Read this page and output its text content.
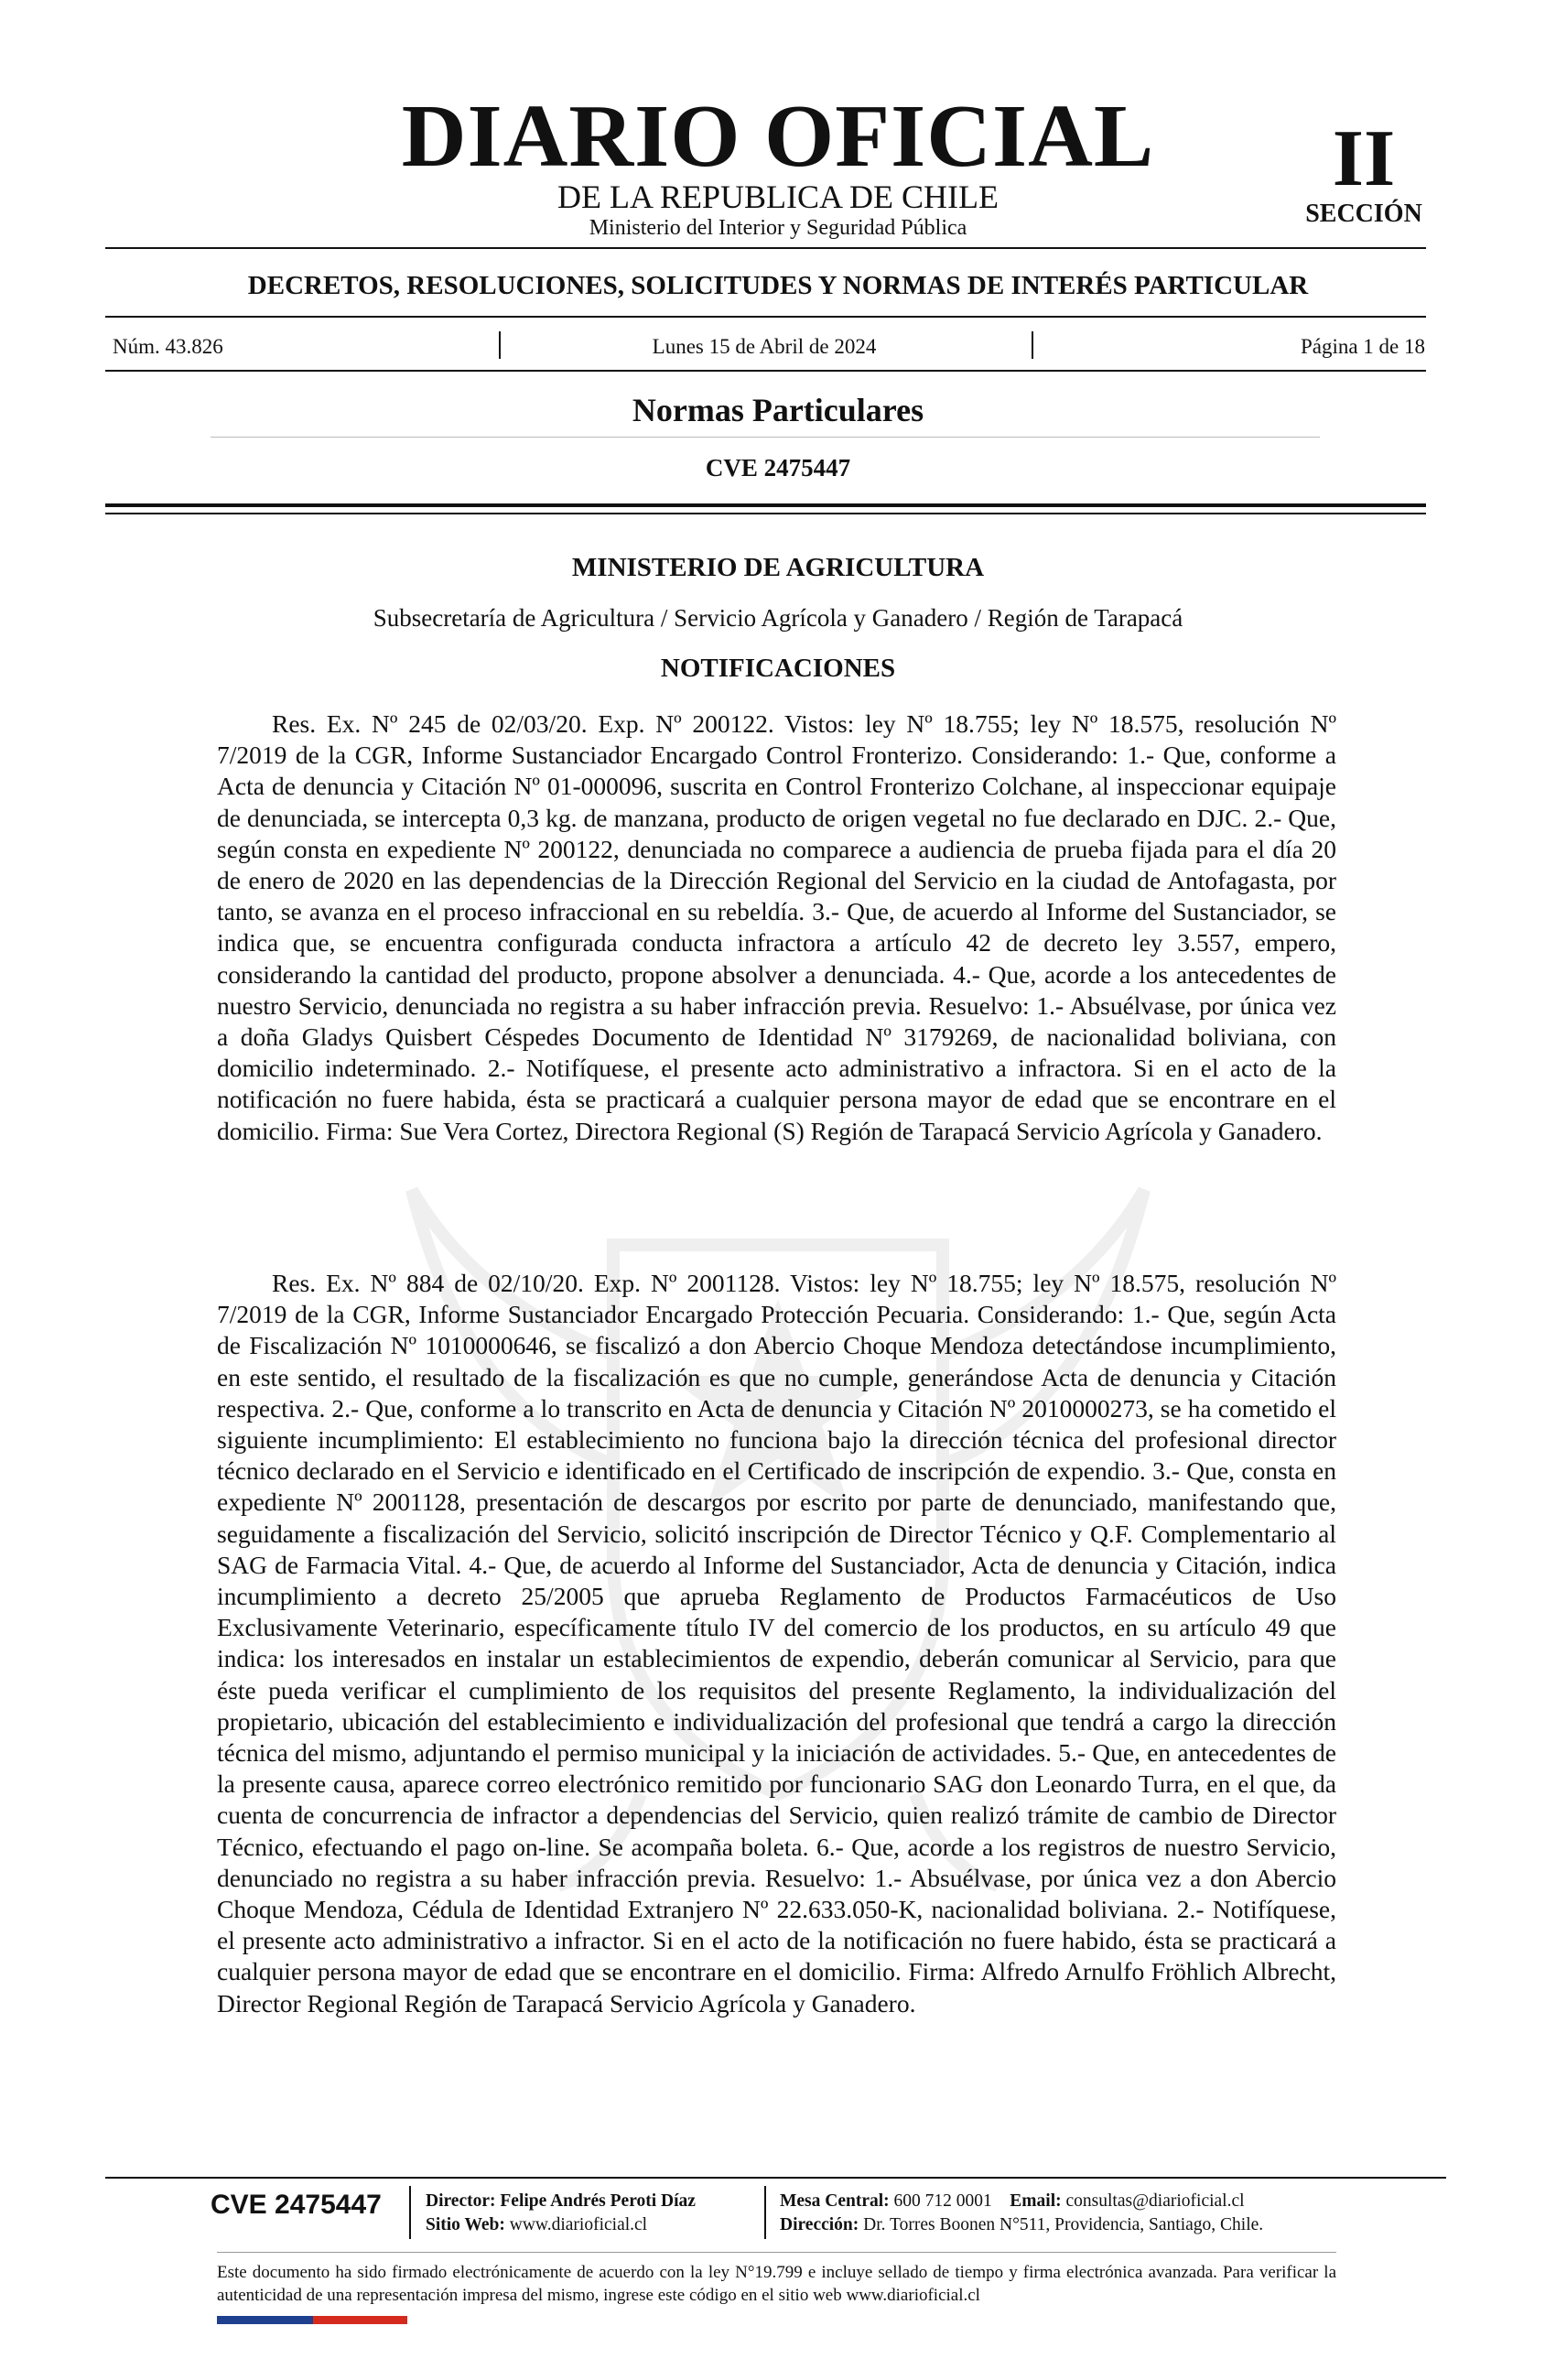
DIARIO OFICIAL
DE LA REPUBLICA DE CHILE
Ministerio del Interior y Seguridad Pública
II
SECCIÓN
DECRETOS, RESOLUCIONES, SOLICITUDES Y NORMAS DE INTERÉS PARTICULAR
Núm. 43.826	Lunes 15 de Abril de 2024	Página 1 de 18
Normas Particulares
CVE 2475447
MINISTERIO DE AGRICULTURA
Subsecretaría de Agricultura / Servicio Agrícola y Ganadero / Región de Tarapacá
NOTIFICACIONES

Res. Ex. Nº 245 de 02/03/20. Exp. Nº 200122. Vistos: ley Nº 18.755; ley Nº 18.575, resolución Nº 7/2019 de la CGR, Informe Sustanciador Encargado Control Fronterizo. Considerando: 1.- Que, conforme a Acta de denuncia y Citación Nº 01-000096, suscrita en Control Fronterizo Colchane, al inspeccionar equipaje de denunciada, se intercepta 0,3 kg. de manzana, producto de origen vegetal no fue declarado en DJC. 2.- Que, según consta en expediente Nº 200122, denunciada no comparece a audiencia de prueba fijada para el día 20 de enero de 2020 en las dependencias de la Dirección Regional del Servicio en la ciudad de Antofagasta, por tanto, se avanza en el proceso infraccional en su rebeldía. 3.- Que, de acuerdo al Informe del Sustanciador, se indica que, se encuentra configurada conducta infractora a artículo 42 de decreto ley 3.557, empero, considerando la cantidad del producto, propone absolver a denunciada. 4.- Que, acorde a los antecedentes de nuestro Servicio, denunciada no registra a su haber infracción previa. Resuelvo: 1.- Absuélvase, por única vez a doña Gladys Quisbert Céspedes Documento de Identidad Nº 3179269, de nacionalidad boliviana, con domicilio indeterminado. 2.- Notifíquese, el presente acto administrativo a infractora. Si en el acto de la notificación no fuere habida, ésta se practicará a cualquier persona mayor de edad que se encontrare en el domicilio. Firma: Sue Vera Cortez, Directora Regional (S) Región de Tarapacá Servicio Agrícola y Ganadero.

Res. Ex. Nº 884 de 02/10/20. Exp. Nº 2001128. Vistos: ley Nº 18.755; ley Nº 18.575, resolución Nº 7/2019 de la CGR, Informe Sustanciador Encargado Protección Pecuaria. Considerando: 1.- Que, según Acta de Fiscalización Nº 1010000646, se fiscalizó a don Abercio Choque Mendoza detectándose incumplimiento, en este sentido, el resultado de la fiscalización es que no cumple, generándose Acta de denuncia y Citación respectiva. 2.- Que, conforme a lo transcrito en Acta de denuncia y Citación Nº 2010000273, se ha cometido el siguiente incumplimiento: El establecimiento no funciona bajo la dirección técnica del profesional director técnico declarado en el Servicio e identificado en el Certificado de inscripción de expendio. 3.- Que, consta en expediente Nº 2001128, presentación de descargos por escrito por parte de denunciado, manifestando que, seguidamente a fiscalización del Servicio, solicitó inscripción de Director Técnico y Q.F. Complementario al SAG de Farmacia Vital. 4.- Que, de acuerdo al Informe del Sustanciador, Acta de denuncia y Citación, indica incumplimiento a decreto 25/2005 que aprueba Reglamento de Productos Farmacéuticos de Uso Exclusivamente Veterinario, específicamente título IV del comercio de los productos, en su artículo 49 que indica: los interesados en instalar un establecimientos de expendio, deberán comunicar al Servicio, para que éste pueda verificar el cumplimiento de los requisitos del presente Reglamento, la individualización del propietario, ubicación del establecimiento e individualización del profesional que tendrá a cargo la dirección técnica del mismo, adjuntando el permiso municipal y la iniciación de actividades. 5.- Que, en antecedentes de la presente causa, aparece correo electrónico remitido por funcionario SAG don Leonardo Turra, en el que, da cuenta de concurrencia de infractor a dependencias del Servicio, quien realizó trámite de cambio de Director Técnico, efectuando el pago on-line. Se acompaña boleta. 6.- Que, acorde a los registros de nuestro Servicio, denunciado no registra a su haber infracción previa. Resuelvo: 1.- Absuélvase, por única vez a don Abercio Choque Mendoza, Cédula de Identidad Extranjero Nº 22.633.050-K, nacionalidad boliviana. 2.- Notifíquese, el presente acto administrativo a infractor. Si en el acto de la notificación no fuere habido, ésta se practicará a cualquier persona mayor de edad que se encontrare en el domicilio. Firma: Alfredo Arnulfo Fröhlich Albrecht, Director Regional Región de Tarapacá Servicio Agrícola y Ganadero.

CVE 2475447 Director: Felipe Andrés Peroti Díaz
Sitio Web: www.diarioficial.cl
Mesa Central: 600 712 0001 Email: consultas@diarioficial.cl
Dirección: Dr. Torres Boonen N°511, Providencia, Santiago, Chile.
Este documento ha sido firmado electrónicamente de acuerdo con la ley N°19.799 e incluye sellado de tiempo y firma electrónica avanzada. Para verificar la autenticidad de una representación impresa del mismo, ingrese este código en el sitio web www.diarioficial.cl
